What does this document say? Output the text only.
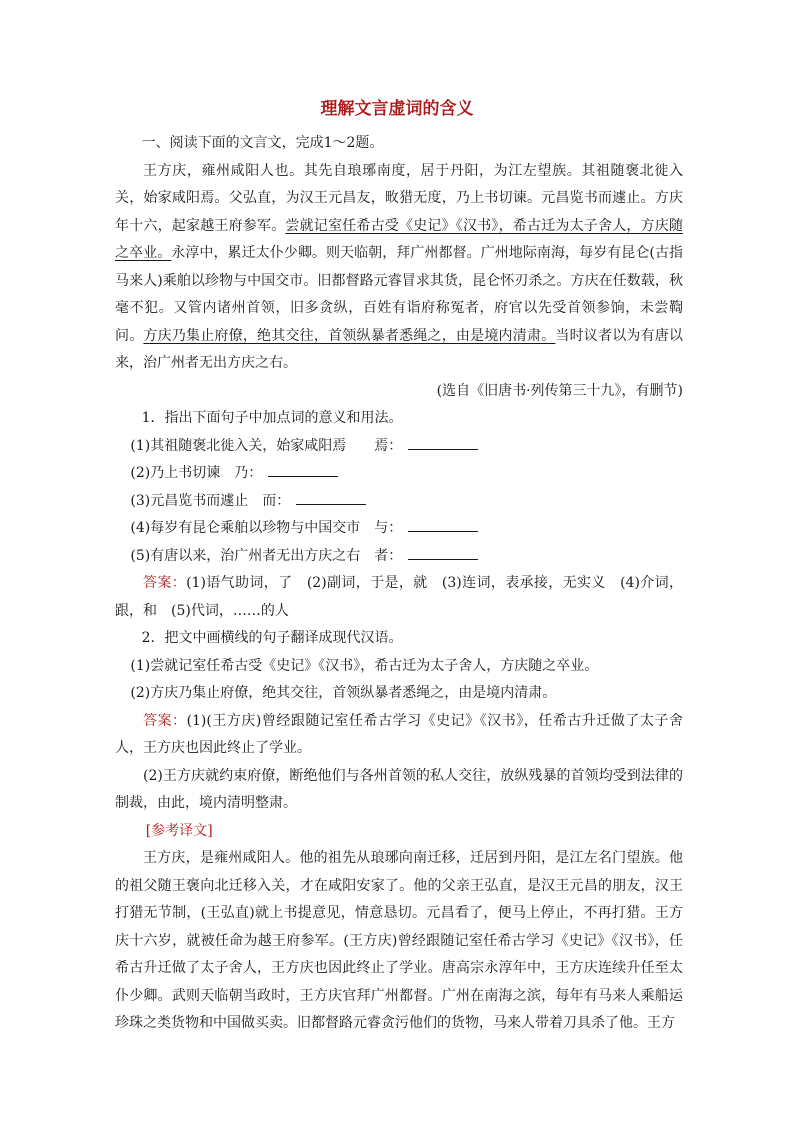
理解文言虚词的含义

一、阅读下面的文言文，完成1～2题。

王方庆，雍州咸阳人也。其先自琅琊南度，居于丹阳，为江左望族。其祖随褒北徙入关，始家咸阳焉。父弘直，为汉王元昌友，畋猎无度，乃上书切谏。元昌览书而遽止。方庆年十六，起家越王府参军。尝就记室任希古受《史记》《汉书》，希古迁为太子舍人，方庆随之卒业。永淳中，累迁太仆少卿。则天临朝，拜广州都督。广州地际南海，每岁有昆仑(古指马来人)乘舶以珍物与中国交市。旧都督路元睿冒求其货，昆仑怀刃杀之。方庆在任数载，秋毫不犯。又管内诸州首领，旧多贪纵，百姓有诣府称冤者，府官以先受首领参饷，未尝鞫问。方庆乃集止府僚，绝其交往，首领纵暴者悉绳之，由是境内清肃。当时议者以为有唐以来，治广州者无出方庆之右。

(选自《旧唐书·列传第三十九》，有删节)

1．指出下面句子中加点词的意义和用法。

(1)其祖随褒北徙入关，始家咸阳焉 焉：

(2)乃上书切谏 乃：

(3)元昌览书而遽止 而：

(4)每岁有昆仑乘舶以珍物与中国交市 与：

(5)有唐以来，治广州者无出方庆之右 者：

答案：(1)语气助词，了　(2)副词，于是，就　(3)连词，表承接，无实义　(4)介词，跟，和　(5)代词，……的人

2．把文中画横线的句子翻译成现代汉语。

(1)尝就记室任希古受《史记》《汉书》，希古迁为太子舍人，方庆随之卒业。

(2)方庆乃集止府僚，绝其交往，首领纵暴者悉绳之，由是境内清肃。

答案：(1)(王方庆)曾经跟随记室任希古学习《史记》《汉书》，任希古升迁做了太子舍人，王方庆也因此终止了学业。

(2)王方庆就约束府僚，断绝他们与各州首领的私人交往，放纵残暴的首领均受到法律的制裁，由此，境内清明整肃。

[参考译文]

王方庆，是雍州咸阳人。他的祖先从琅琊向南迁移，迁居到丹阳，是江左名门望族。他的祖父随王褒向北迁移入关，才在咸阳安家了。他的父亲王弘直，是汉王元昌的朋友，汉王打猎无节制，(王弘直)就上书提意见，情意恳切。元昌看了，便马上停止，不再打猎。王方庆十六岁，就被任命为越王府参军。(王方庆)曾经跟随记室任希古学习《史记》《汉书》，任希古升迁做了太子舍人，王方庆也因此终止了学业。唐高宗永淳年中，王方庆连续升任至太仆少卿。武则天临朝当政时，王方庆官拜广州都督。广州在南海之滨，每年有马来人乘船运珍珠之类货物和中国做买卖。旧都督路元睿贪污他们的货物，马来人带着刀具杀了他。王方
